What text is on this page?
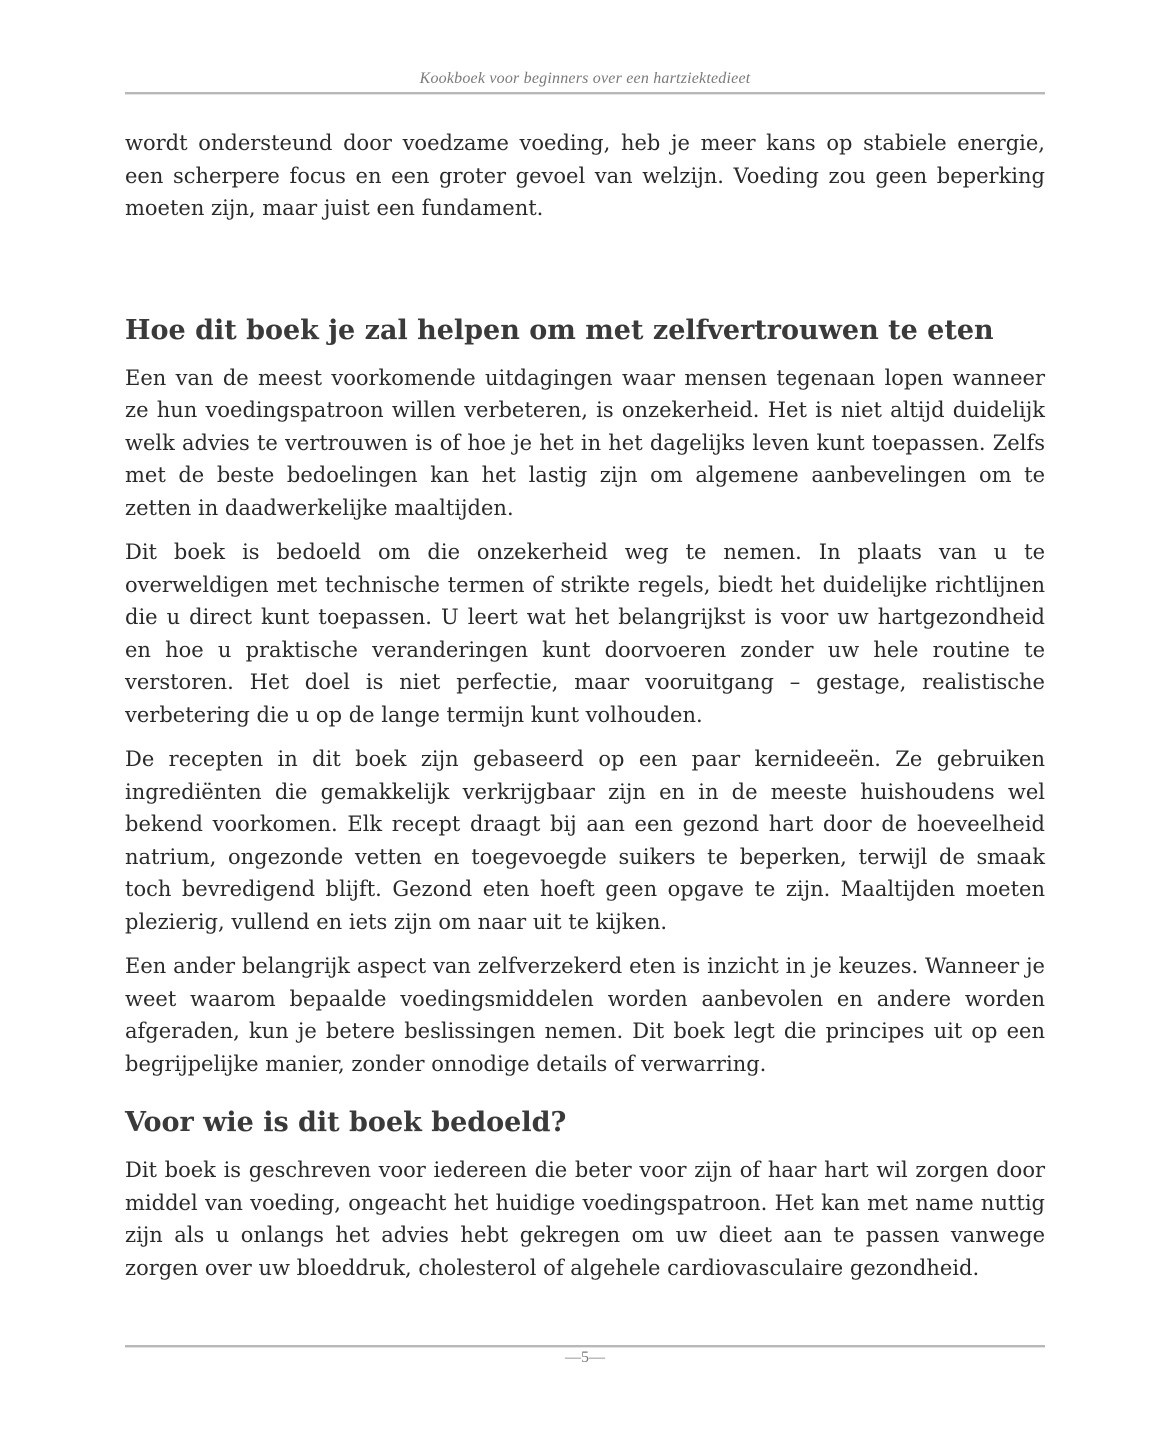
Kookboek voor beginners over een hartziektedieet

wordt ondersteund door voedzame voeding, heb je meer kans op stabiele energie, een scherpere focus en een groter gevoel van welzijn. Voeding zou geen beperking moeten zijn, maar juist een fundament.

Hoe dit boek je zal helpen om met zelfvertrouwen te eten

Een van de meest voorkomende uitdagingen waar mensen tegenaan lopen wanneer ze hun voedingspatroon willen verbeteren, is onzekerheid. Het is niet altijd duidelijk welk advies te vertrouwen is of hoe je het in het dagelijks leven kunt toepassen. Zelfs met de beste bedoelingen kan het lastig zijn om algemene aanbevelingen om te zetten in daadwerkelijke maaltijden.

Dit boek is bedoeld om die onzekerheid weg te nemen. In plaats van u te overweldigen met technische termen of strikte regels, biedt het duidelijke richtlijnen die u direct kunt toepassen. U leert wat het belangrijkst is voor uw hartgezondheid en hoe u praktische veranderingen kunt doorvoeren zonder uw hele routine te verstoren. Het doel is niet perfectie, maar vooruitgang – gestage, realistische verbetering die u op de lange termijn kunt volhouden.

De recepten in dit boek zijn gebaseerd op een paar kernideeën. Ze gebruiken ingrediënten die gemakkelijk verkrijgbaar zijn en in de meeste huishoudens wel bekend voorkomen. Elk recept draagt bij aan een gezond hart door de hoeveelheid natrium, ongezonde vetten en toegevoegde suikers te beperken, terwijl de smaak toch bevredigend blijft. Gezond eten hoeft geen opgave te zijn. Maaltijden moeten plezierig, vullend en iets zijn om naar uit te kijken.

Een ander belangrijk aspect van zelfverzekerd eten is inzicht in je keuzes. Wanneer je weet waarom bepaalde voedingsmiddelen worden aanbevolen en andere worden afgeraden, kun je betere beslissingen nemen. Dit boek legt die principes uit op een begrijpelijke manier, zonder onnodige details of verwarring.

Voor wie is dit boek bedoeld?

Dit boek is geschreven voor iedereen die beter voor zijn of haar hart wil zorgen door middel van voeding, ongeacht het huidige voedingspatroon. Het kan met name nuttig zijn als u onlangs het advies hebt gekregen om uw dieet aan te passen vanwege zorgen over uw bloeddruk, cholesterol of algehele cardiovasculaire gezondheid.

—5—
